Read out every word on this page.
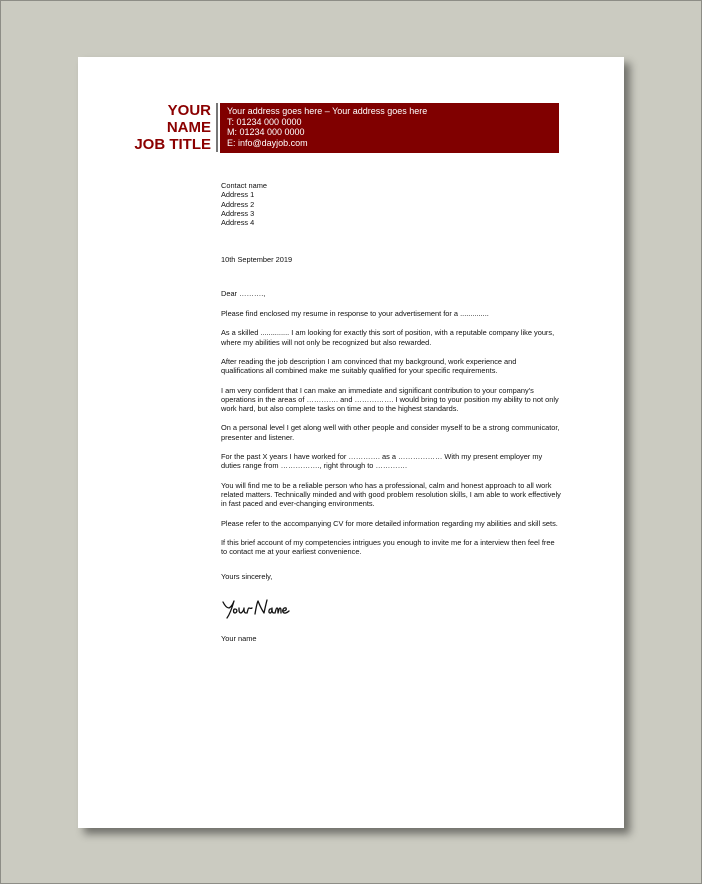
YOUR
NAME
JOB TITLE
Your address goes here – Your address goes here
T: 01234 000 0000
M: 01234 000 0000
E: info@dayjob.com
Contact name
Address 1
Address 2
Address 3
Address 4
10th September 2019
Dear ……….,
Please find enclosed my resume in response to your advertisement for a ..............
As a skilled .............. I am looking for exactly this sort of position, with a reputable company like yours, where my abilities will not only be recognized but also rewarded.
After reading the job description I am convinced that my background, work experience and qualifications all combined make me suitably qualified for your specific requirements.
I am very confident that I can make an immediate and significant contribution to your company's operations in the areas of …………. and ……………. I would bring to your position my ability to not only work hard, but also complete tasks on time and to the highest standards.
On a personal level I get along well with other people and consider myself to be a strong communicator, presenter and listener.
For the past X years I have worked for …………. as a ……………… With my present employer my duties range from ……………., right through to ………….
You will find me to be a reliable person who has a professional, calm and honest approach to all work related matters. Technically minded and with good problem resolution skills, I am able to work effectively in fast paced and ever-changing environments.
Please refer to the accompanying CV for more detailed information regarding my abilities and skill sets.
If this brief account of my competencies intrigues you enough to invite me for a interview then feel free to contact me at your earliest convenience.
Yours sincerely,
Your name
